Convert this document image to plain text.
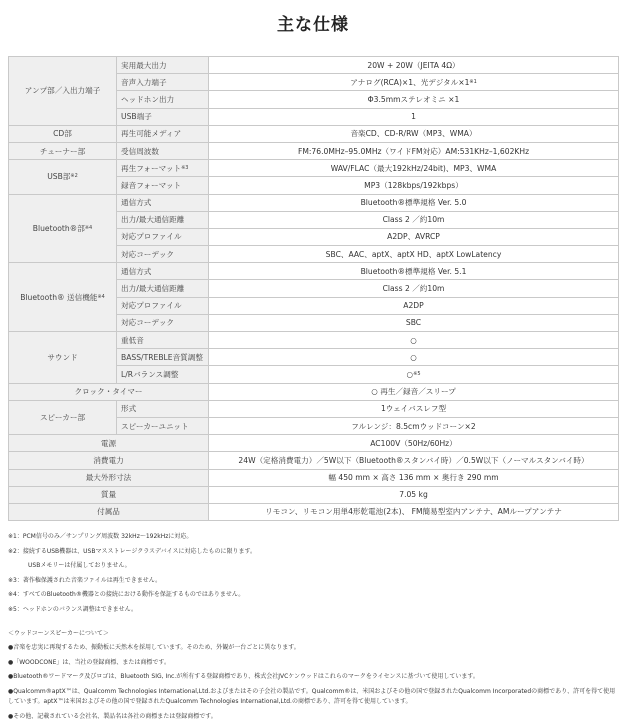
主な仕様
アンプ部／入出力端子	実用最大出力	20W + 20W（JEITA 4Ω）
	音声入力端子	アナログ(RCA)×1、光デジタル$\times 1^{※1}$
	ヘッドホン出力	Φ3.5mmステレオミニ ×1
	USB端子	1
CD部	再生可能メディア	音楽CD、CD-R/RW（MP3、WMA）
チューナー部	受信周波数	FM:76.0MHz–95.0MHz（ワイドFM対応）AM:531KHz–1,602KHz
USB部$^{※2}$	再生フォーマット$^{※3}$	WAV/FLAC（最大192kHz/24bit)、MP3、WMA
	録音フォーマット	MP3（128kbps/192kbps）
Bluetooth®部$^{※4}$	通信方式	Bluetooth®標準規格 Ver. 5.0
	出力/最大通信距離	Class 2 ／約10m
	対応プロファイル	A2DP、AVRCP
	対応コーデック	SBC、AAC、aptX、aptX HD、aptX LowLatency
Bluetooth® 送信機能$^{※4}$	通信方式	Bluetooth®標準規格 Ver. 5.1
	出力/最大通信距離	Class 2 ／約10m
	対応プロファイル	A2DP
	対応コーデック	SBC
サウンド	重低音	○
	BASS/TREBLE音質調整	○
	L/Rバランス調整	○$^{※5}$
クロック・タイマー		○ 再生／録音／スリープ
スピーカー部	形式	1ウェイバスレフ型
	スピーカーユニット	フルレンジ：8.5cmウッドコーン×2
電源		AC100V（50Hz/60Hz）
消費電力		24W（定格消費電力）／5W以下（Bluetooth®スタンバイ時）／0.5W以下（ノーマルスタンバイ時）
最大外形寸法		幅 450 mm × 高さ 136 mm × 奥行き 290 mm
質量		7.05 kg
付属品		リモコン、リモコン用単4形乾電池(2本)、 FM簡易型室内アンテナ、AMループアンテナ
※1：PCM信号のみ／サンプリング周波数 32kHz～192kHzに対応。
※2：接続するUSB機器は、USBマスストレージクラスデバイスに対応したものに限ります。
USBメモリーは付属しておりません。
※3：著作権保護された音楽ファイルは再生できません。
※4：すべてのBluetooth®機器との接続における動作を保証するものではありません。
※5：ヘッドホンのバランス調整はできません。
＜ウッドコーンスピーカーについて＞
●音楽を忠実に再現するため、振動板に天然木を採用しています。そのため、外観が一台ごとに異なります。
●「WOODCONE」は、当社の登録商標、または商標です。
●Bluetooth®ワードマーク及びロゴは、Bluetooth SIG, Inc.が所有する登録商標であり、株式会社JVCケンウッドはこれらのマークをライセンスに基づいて使用しています。
●Qualcomm®aptX™は、Qualcomm Technologies International,Ltd.およびまたはその子会社の製品です。Qualcomm®は、米国およびその他の国で登録されたQualcomm Incorporatedの商標であり、許可を得て使用しています。aptX™は米国およびその他の国で登録されたQualcomm Technologies International,Ltd.の商標であり、許可を得て使用しています。
●その他、記載されている会社名、製品名は各社の商標または登録商標です。
